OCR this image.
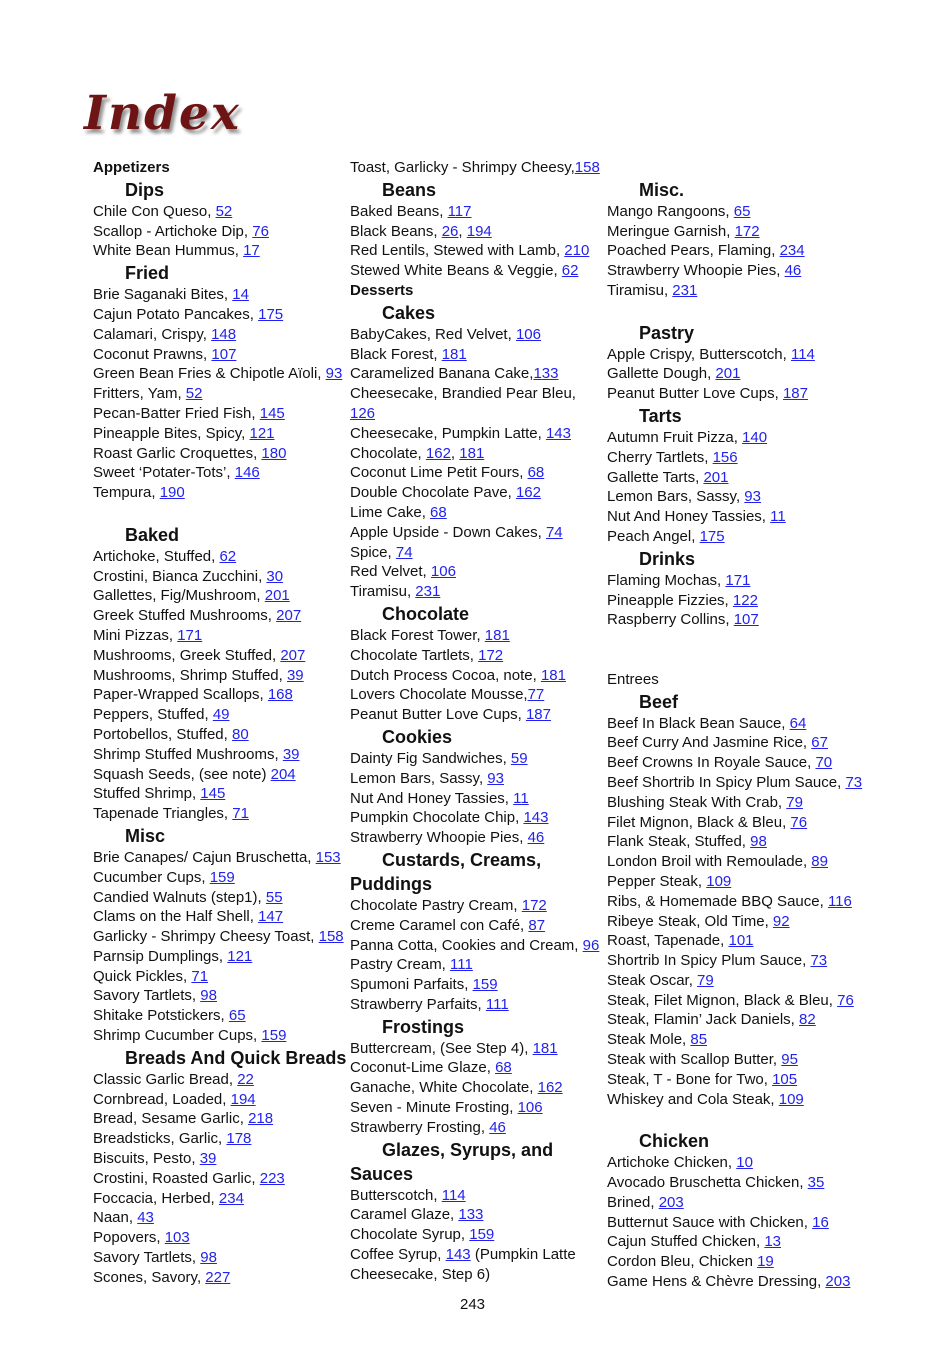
Index
Appetizers
Dips
Chile Con Queso, 52
Scallop - Artichoke Dip, 76
White Bean Hummus, 17
Fried
Brie Saganaki Bites, 14
Cajun Potato Pancakes, 175
Calamari, Crispy, 148
Coconut Prawns, 107
Green Bean Fries & Chipotle Aïoli, 93
Fritters, Yam, 52
Pecan-Batter Fried Fish, 145
Pineapple Bites, Spicy, 121
Roast Garlic Croquettes, 180
Sweet ‘Potater-Tots’, 146
Tempura, 190
Baked
Artichoke, Stuffed, 62
Crostini, Bianca Zucchini, 30
Gallettes, Fig/Mushroom, 201
Greek Stuffed Mushrooms, 207
Mini Pizzas, 171
Mushrooms, Greek Stuffed, 207
Mushrooms, Shrimp Stuffed, 39
Paper-Wrapped Scallops, 168
Peppers, Stuffed, 49
Portobellos, Stuffed, 80
Shrimp Stuffed Mushrooms, 39
Squash Seeds, (see note) 204
Stuffed Shrimp, 145
Tapenade Triangles, 71
Misc
Brie Canapes/ Cajun Bruschetta, 153
Cucumber Cups, 159
Candied Walnuts (step1), 55
Clams on the Half Shell, 147
Garlicky - Shrimpy Cheesy Toast, 158
Parnsip Dumplings, 121
Quick Pickles, 71
Savory Tartlets, 98
Shitake Potstickers, 65
Shrimp Cucumber Cups, 159
Breads And Quick Breads
Classic Garlic Bread, 22
Cornbread, Loaded, 194
Bread, Sesame Garlic, 218
Breadsticks, Garlic, 178
Biscuits, Pesto, 39
Crostini, Roasted Garlic, 223
Foccacia, Herbed, 234
Naan, 43
Popovers, 103
Savory Tartlets, 98
Scones, Savory, 227
Toast, Garlicky - Shrimpy Cheesy,158
Beans
Baked Beans, 117
Black Beans, 26, 194
Red Lentils, Stewed with Lamb, 210
Stewed White Beans & Veggie, 62
Desserts
Cakes
BabyCakes, Red Velvet, 106
Black Forest, 181
Caramelized Banana Cake,133
Cheesecake, Brandied Pear Bleu, 126
Cheesecake, Pumpkin Latte, 143
Chocolate, 162, 181
Coconut Lime Petit Fours, 68
Double Chocolate Pave, 162
Lime Cake, 68
Apple Upside - Down Cakes, 74
Spice, 74
Red Velvet, 106
Tiramisu, 231
Chocolate
Black Forest Tower, 181
Chocolate Tartlets, 172
Dutch Process Cocoa, note, 181
Lovers Chocolate Mousse,77
Peanut Butter Love Cups, 187
Cookies
Dainty Fig Sandwiches, 59
Lemon Bars, Sassy, 93
Nut And Honey Tassies, 11
Pumpkin Chocolate Chip, 143
Strawberry Whoopie Pies, 46
Custards, Creams, Puddings
Chocolate Pastry Cream, 172
Creme Caramel con Café, 87
Panna Cotta, Cookies and Cream, 96
Pastry Cream, 111
Spumoni Parfaits, 159
Strawberry Parfaits, 111
Frostings
Buttercream, (See Step 4), 181
Coconut-Lime Glaze, 68
Ganache, White Chocolate, 162
Seven - Minute Frosting, 106
Strawberry Frosting, 46
Glazes, Syrups, and Sauces
Butterscotch, 114
Caramel Glaze, 133
Chocolate Syrup, 159
Coffee Syrup, 143 (Pumpkin Latte Cheesecake, Step 6)
Misc.
Mango Rangoons, 65
Meringue Garnish, 172
Poached Pears, Flaming, 234
Strawberry Whoopie Pies, 46
Tiramisu, 231
Pastry
Apple Crispy, Butterscotch, 114
Gallette Dough, 201
Peanut Butter Love Cups, 187
Tarts
Autumn Fruit Pizza, 140
Cherry Tartlets, 156
Gallette Tarts, 201
Lemon Bars, Sassy, 93
Nut And Honey Tassies, 11
Peach Angel, 175
Drinks
Flaming Mochas, 171
Pineapple Fizzies, 122
Raspberry Collins, 107
Entrees
Beef
Beef In Black Bean Sauce, 64
Beef Curry And Jasmine Rice, 67
Beef Crowns In Royale Sauce, 70
Beef Shortrib In Spicy Plum Sauce, 73
Blushing Steak With Crab, 79
Filet Mignon, Black & Bleu, 76
Flank Steak, Stuffed, 98
London Broil with Remoulade, 89
Pepper Steak, 109
Ribs, & Homemade BBQ Sauce, 116
Ribeye Steak, Old Time, 92
Roast, Tapenade, 101
Shortrib In Spicy Plum Sauce, 73
Steak Oscar, 79
Steak, Filet Mignon, Black & Bleu, 76
Steak, Flamin’ Jack Daniels, 82
Steak Mole, 85
Steak with Scallop Butter, 95
Steak, T - Bone for Two, 105
Whiskey and Cola Steak, 109
Chicken
Artichoke Chicken, 10
Avocado Bruschetta Chicken, 35
Brined, 203
Butternut Sauce with Chicken, 16
Cajun Stuffed Chicken, 13
Cordon Bleu, Chicken 19
Game Hens & Chèvre Dressing, 203
243
